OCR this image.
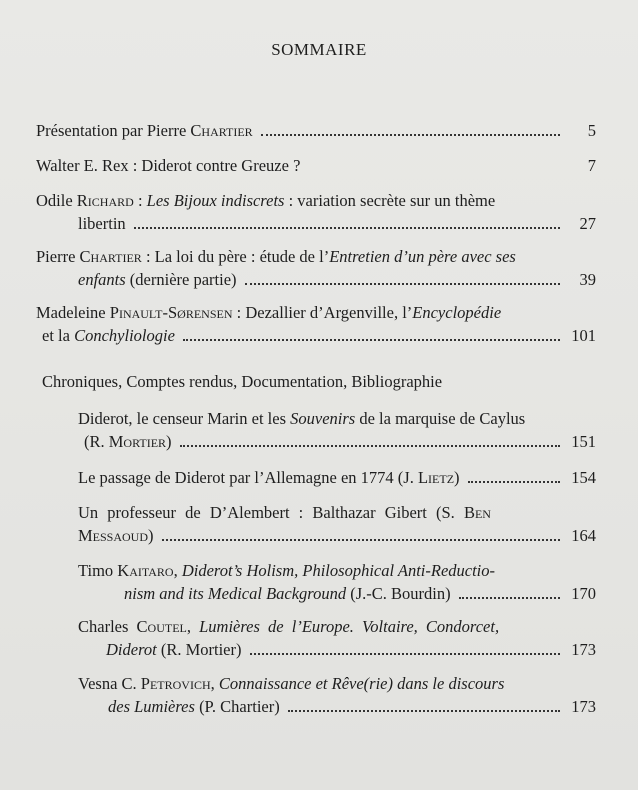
SOMMAIRE
Présentation par Pierre Chartier	5
Walter E. Rex : Diderot contre Greuze ?	7
Odile Richard : Les Bijoux indiscrets : variation secrète sur un thème
libertin	27
Pierre Chartier : La loi du père : étude de l’Entretien d’un père avec ses
enfants (dernière partie)	39
Madeleine Pinault-Sørensen : Dezallier d’Argenville, l’Encyclopédie
et la Conchyliologie	101
Chroniques, Comptes rendus, Documentation, Bibliographie
Diderot, le censeur Marin et les Souvenirs de la marquise de Caylus
(R. Mortier)	151
Le passage de Diderot par l’Allemagne en 1774 (J. Lietz)	154
Un professeur de D’Alembert : Balthazar Gibert (S. Ben
Messaoud)	164
Timo Kaitaro, Diderot’s Holism, Philosophical Anti-Reductio-
nism and its Medical Background (J.-C. Bourdin)	170
Charles Coutel, Lumières de l’Europe. Voltaire, Condorcet,
Diderot (R. Mortier)	173
Vesna C. Petrovich, Connaissance et Rêve(rie) dans le discours
des Lumières (P. Chartier)	173
